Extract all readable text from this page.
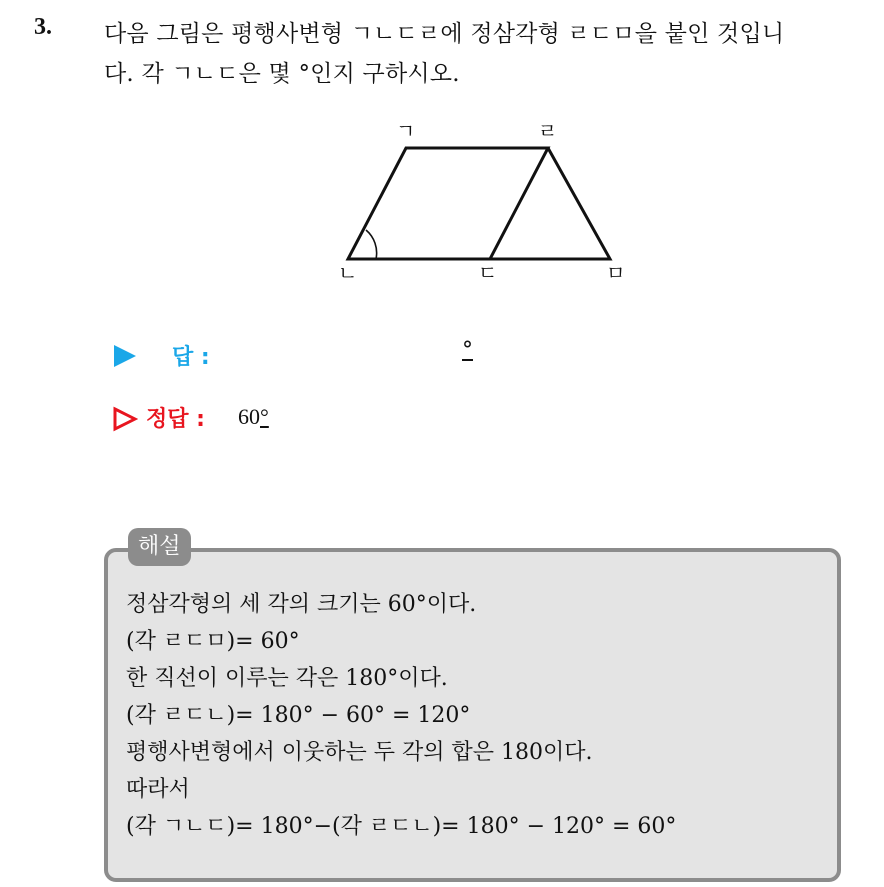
3. 다음 그림은 평행사변형 ㄱㄴㄷㄹ에 정삼각형 ㄹㄷㅁ을 붙인 것입니
다. 각 ㄱㄴㄷ은 몇 °인지 구하시오.
ㄱ	ㄹ
ㄴ	ㄷ	ㅁ
답 :	°
정답 : 60°
해설
정삼각형의 세 각의 크기는 60°이다.
(각 ㄹㄷㅁ)= 60°
한 직선이 이루는 각은 180°이다.
(각 ㄹㄷㄴ)= 180° − 60° = 120°
평행사변형에서 이웃하는 두 각의 합은 180이다.
따라서
(각 ㄱㄴㄷ)= 180°−(각 ㄹㄷㄴ)= 180° − 120° = 60°
